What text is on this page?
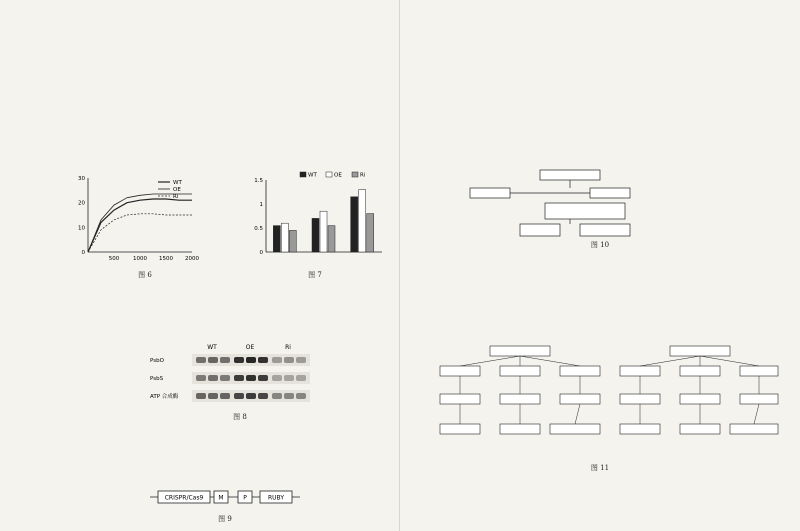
500	1000 1500 2000
0
10
20
30
WT
OE
Ri
图 6
0
0.5
1
1.5
WT	OE	Ri
图 7
WT	OE	Ri
PsbO
PsbS
ATP 合成酶
图 8
CRISPR/Cas9	M	P	RUBY
图 9
图 10
图 11
